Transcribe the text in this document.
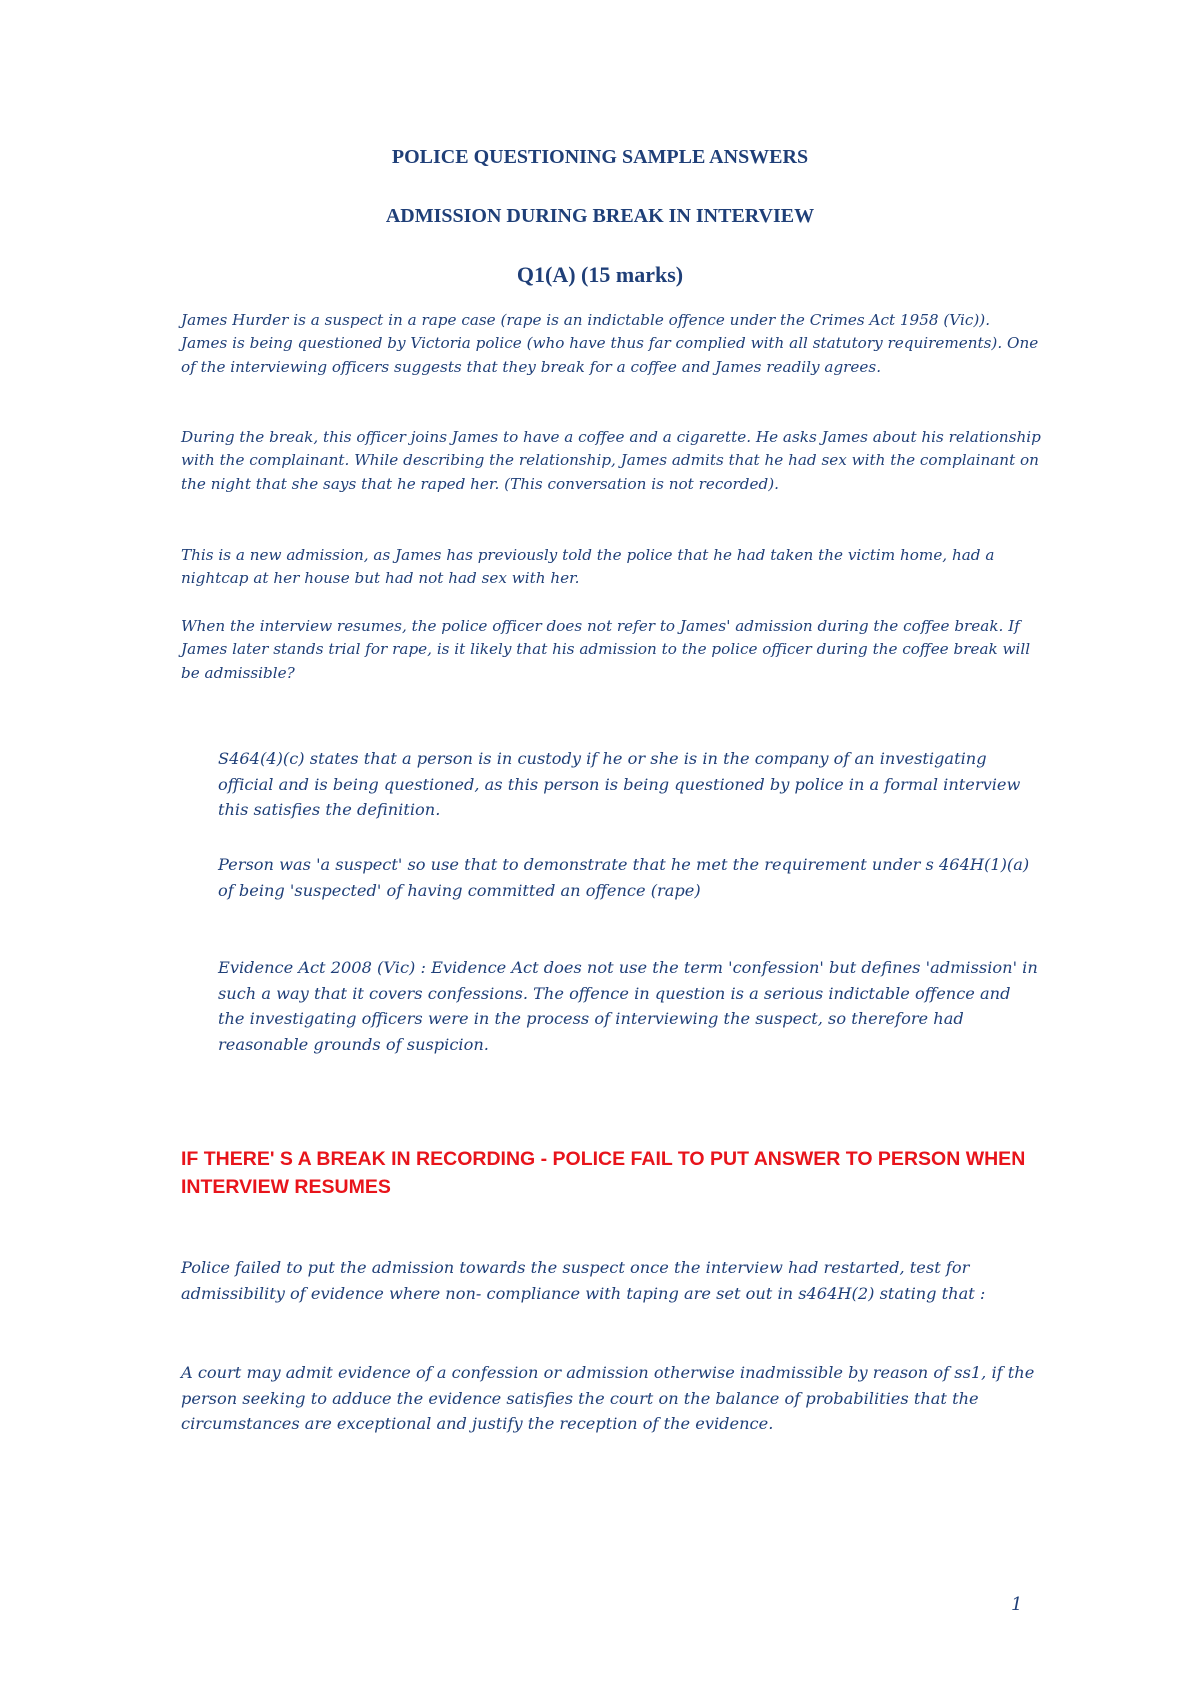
POLICE QUESTIONING SAMPLE ANSWERS
ADMISSION DURING BREAK IN INTERVIEW
Q1(A) (15 marks)

James Hurder is a suspect in a rape case (rape is an indictable offence under the Crimes Act 1958 (Vic)). James is being questioned by Victoria police (who have thus far complied with all statutory requirements). One of the interviewing officers suggests that they break for a coffee and James readily agrees.

During the break, this officer joins James to have a coffee and a cigarette. He asks James about his relationship with the complainant. While describing the relationship, James admits that he had sex with the complainant on the night that she says that he raped her. (This conversation is not recorded).

This is a new admission, as James has previously told the police that he had taken the victim home, had a nightcap at her house but had not had sex with her.

When the interview resumes, the police officer does not refer to James' admission during the coffee break. If James later stands trial for rape, is it likely that his admission to the police officer during the coffee break will be admissible?

S464(4)(c) states that a person is in custody if he or she is in the company of an investigating official and is being questioned, as this person is being questioned by police in a formal interview this satisfies the definition.

Person was 'a suspect' so use that to demonstrate that he met the requirement under s 464H(1)(a) of being 'suspected' of having committed an offence (rape)

Evidence Act 2008 (Vic) : Evidence Act does not use the term 'confession' but defines 'admission' in such a way that it covers confessions. The offence in question is a serious indictable offence and the investigating officers were in the process of interviewing the suspect, so therefore had reasonable grounds of suspicion.

IF THERE' S A BREAK IN RECORDING - POLICE FAIL TO PUT ANSWER TO PERSON WHEN INTERVIEW RESUMES

Police failed to put the admission towards the suspect once the interview had restarted, test for admissibility of evidence where non- compliance with taping are set out in s464H(2) stating that :

A court may admit evidence of a confession or admission otherwise inadmissible by reason of ss1, if the person seeking to adduce the evidence satisfies the court on the balance of probabilities that the circumstances are exceptional and justify the reception of the evidence.

1
